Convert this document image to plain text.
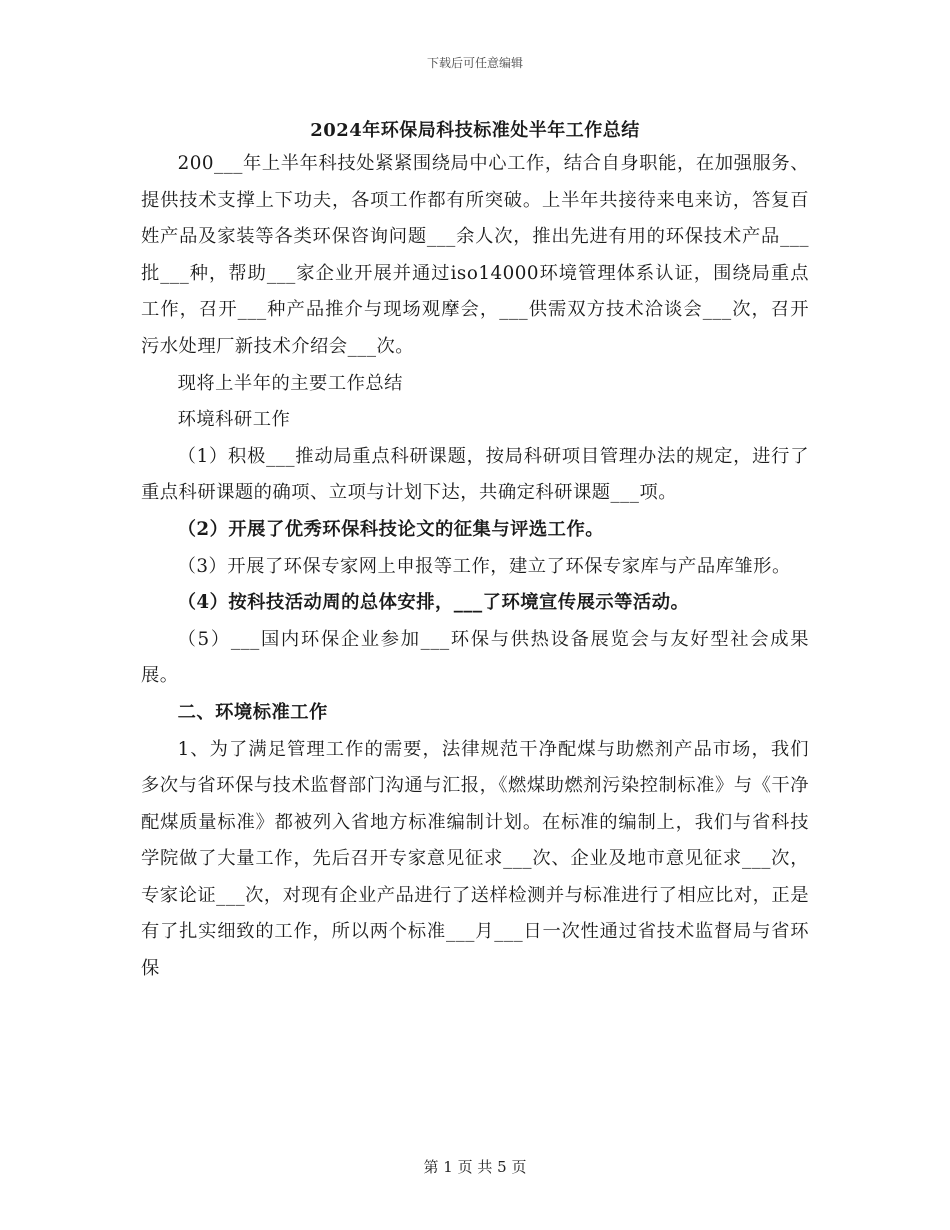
下载后可任意编辑
2024年环保局科技标准处半年工作总结

200___年上半年科技处紧紧围绕局中心工作，结合自身职能，在加强服务、提供技术支撑上下功夫，各项工作都有所突破。上半年共接待来电来访，答复百姓产品及家装等各类环保咨询问题___余人次，推出先进有用的环保技术产品___批___种，帮助___家企业开展并通过iso14000环境管理体系认证，围绕局重点工作，召开___种产品推介与现场观摩会，___供需双方技术洽谈会___次，召开污水处理厂新技术介绍会___次。

现将上半年的主要工作总结

环境科研工作

（1）积极___推动局重点科研课题，按局科研项目管理办法的规定，进行了重点科研课题的确项、立项与计划下达，共确定科研课题___项。

（2）开展了优秀环保科技论文的征集与评选工作。

（3）开展了环保专家网上申报等工作，建立了环保专家库与产品库雏形。

（4）按科技活动周的总体安排，___了环境宣传展示等活动。

（5）___国内环保企业参加___环保与供热设备展览会与友好型社会成果展。

二、环境标准工作

1、为了满足管理工作的需要，法律规范干净配煤与助燃剂产品市场，我们多次与省环保与技术监督部门沟通与汇报，《燃煤助燃剂污染控制标准》与《干净配煤质量标准》都被列入省地方标准编制计划。在标准的编制上，我们与省科技学院做了大量工作，先后召开专家意见征求___次、企业及地市意见征求___次，专家论证___次，对现有企业产品进行了送样检测并与标准进行了相应比对，正是有了扎实细致的工作，所以两个标准___月___日一次性通过省技术监督局与省环保

第 1 页 共 5 页
